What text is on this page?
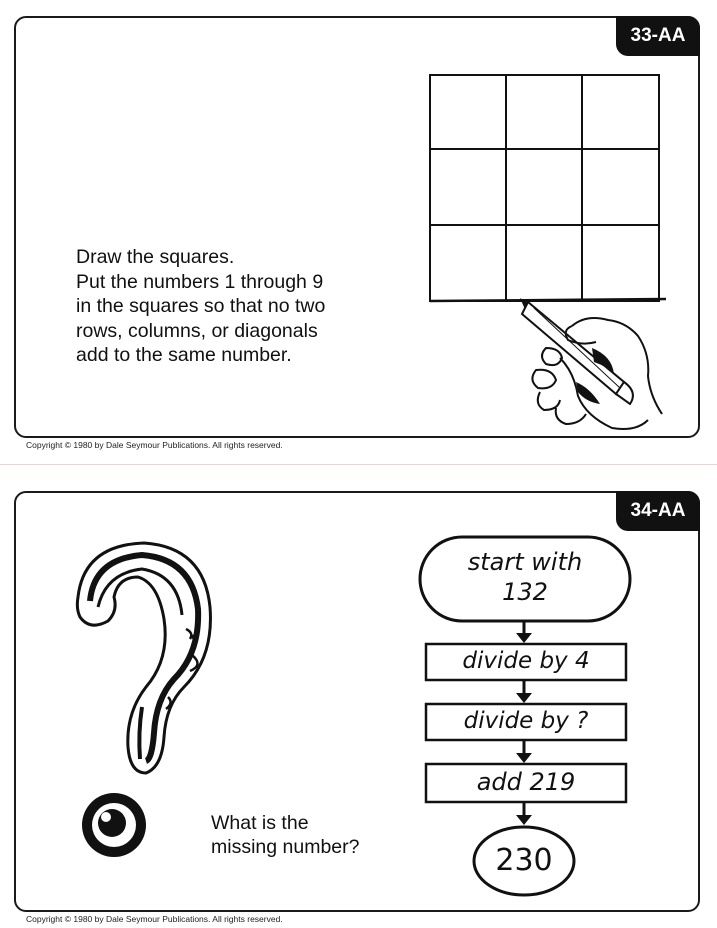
33-AA
Draw the squares.
Put the numbers 1 through 9
in the squares so that no two
rows, columns, or diagonals
add to the same number.
Copyright © 1980 by Dale Seymour Publications. All rights reserved.
34-AA
start with
132
divide by 4
divide by ?
add 219
230
What is the
missing number?
Copyright © 1980 by Dale Seymour Publications. All rights reserved.
